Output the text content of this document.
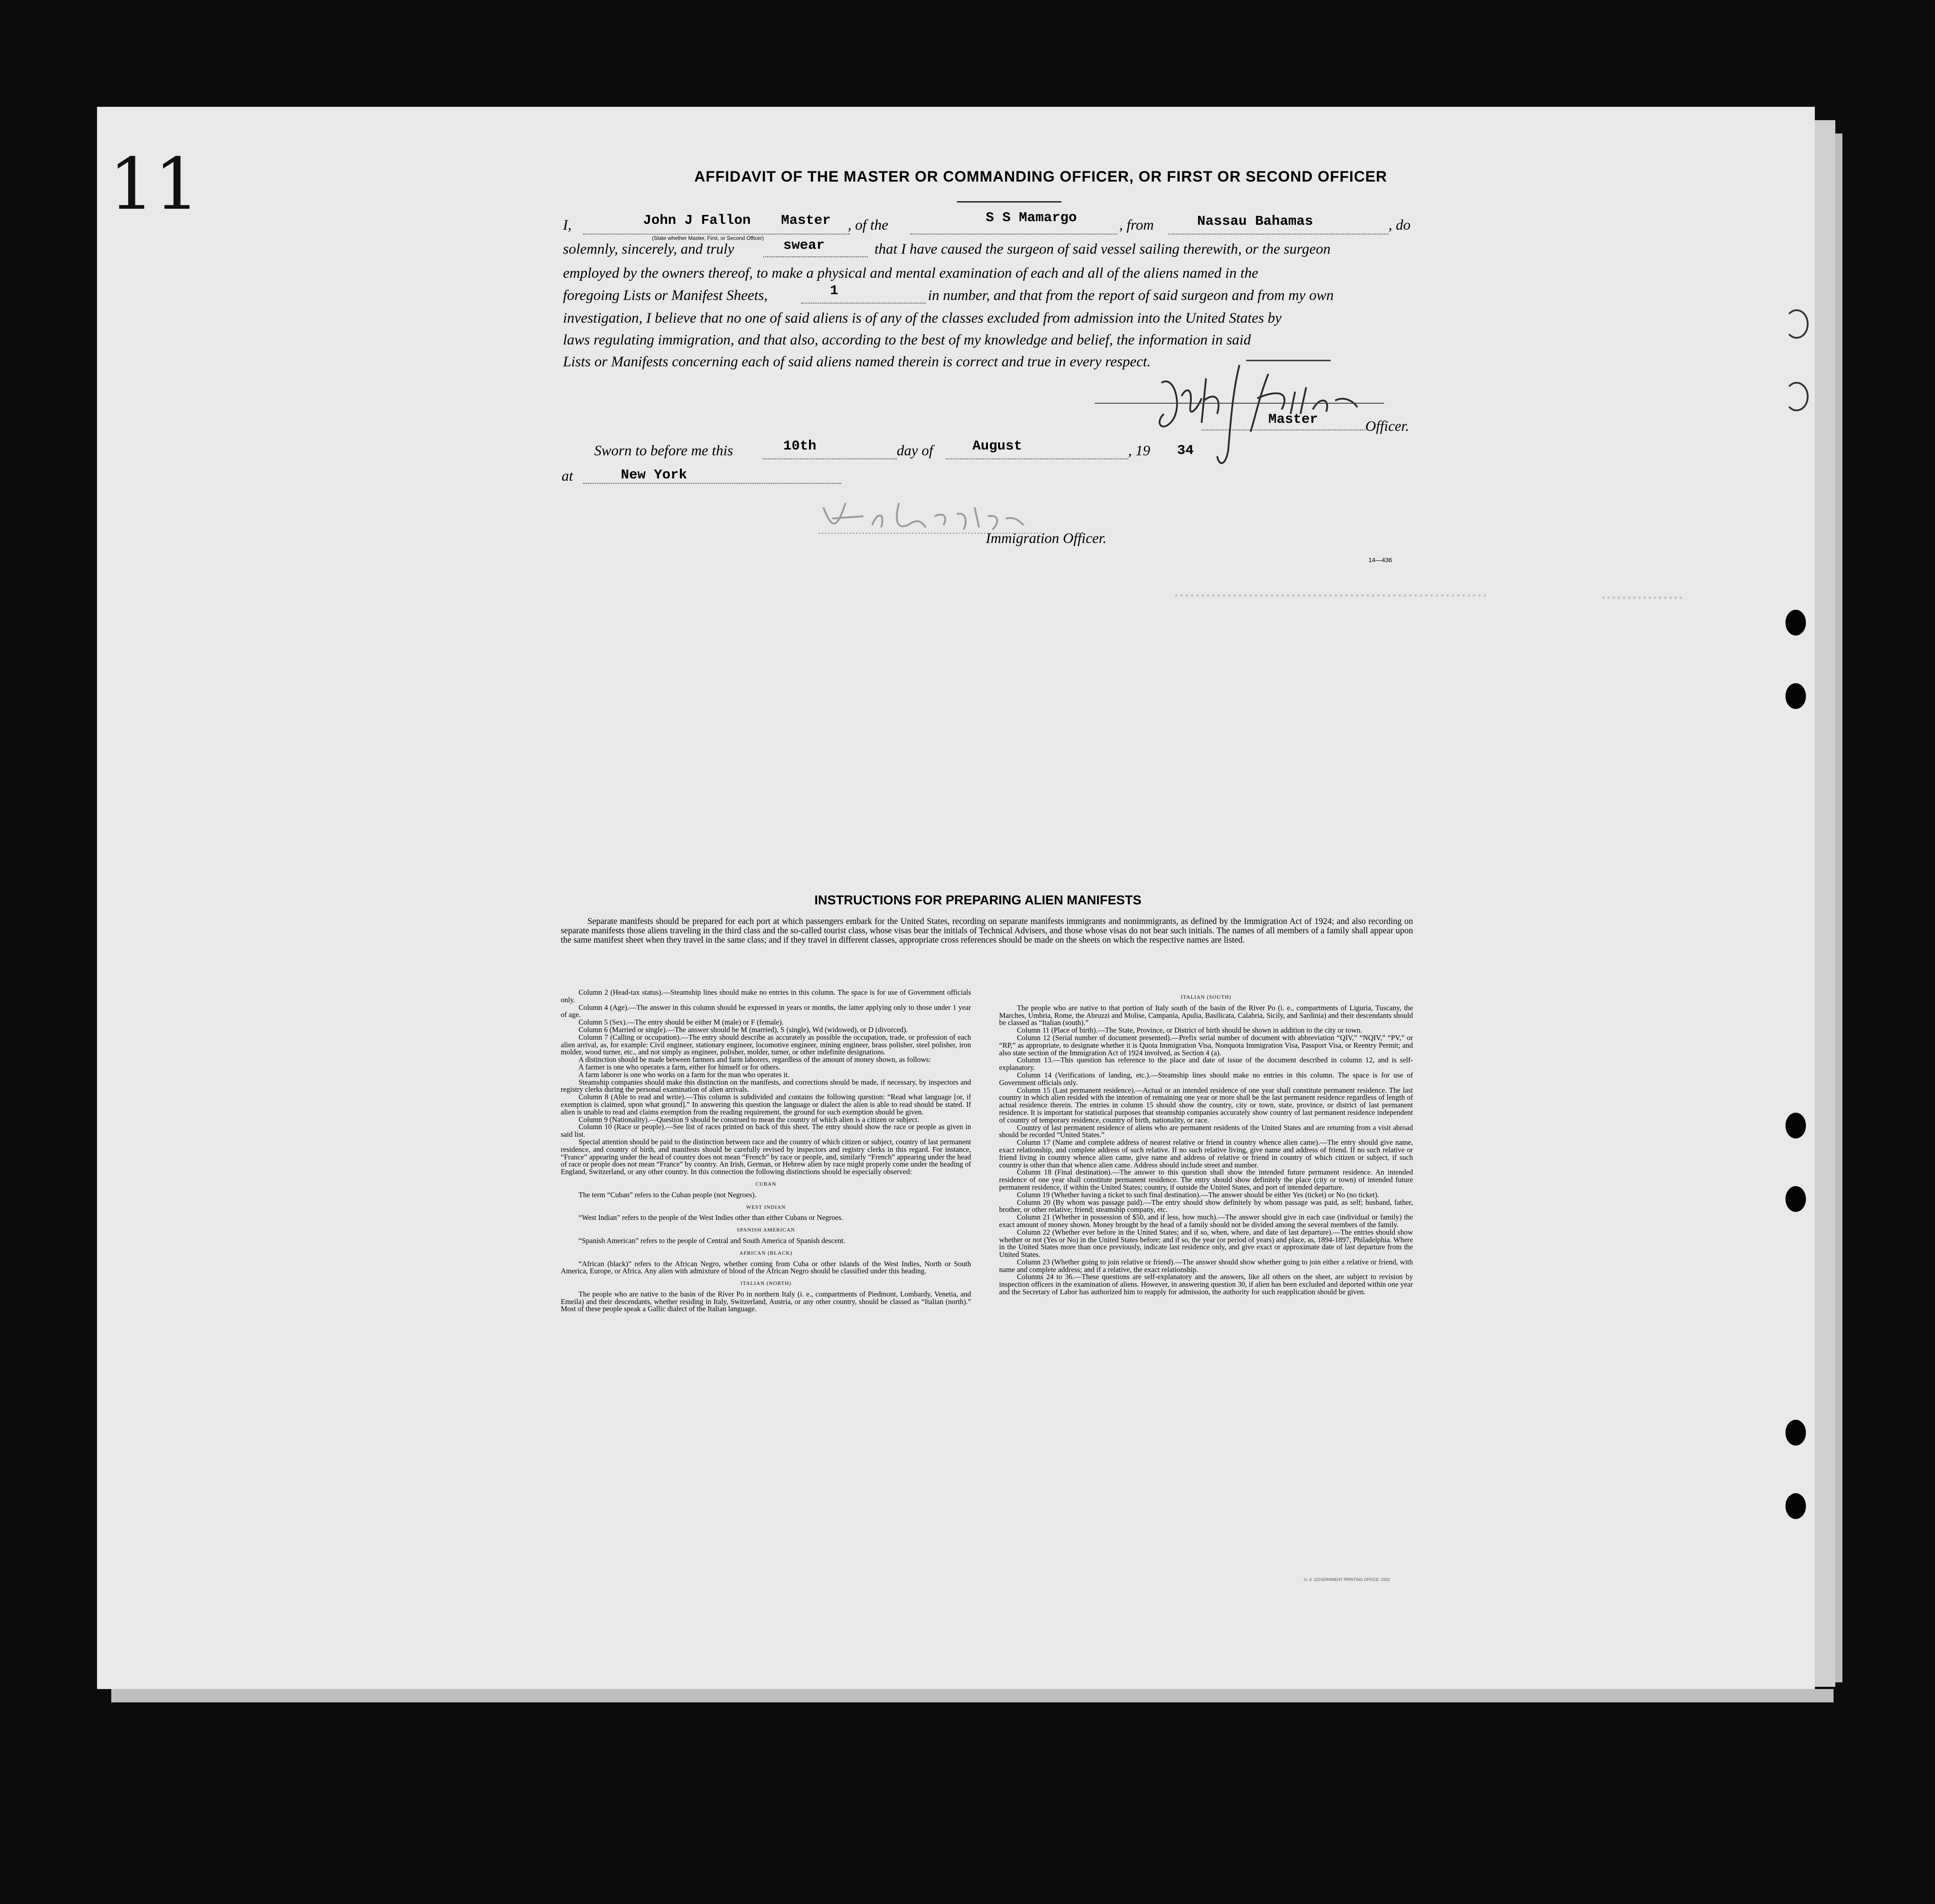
11	AFFIDAVIT OF THE MASTER OR COMMANDING OFFICER, OR FIRST OR SECOND OFFICER
I,	John J Fallon Master
(State whether Master, First, or Second Officer)
, of the	S S Mamargo	, from	Nassau Bahamas	, do
solemnly, sincerely, and truly	swear	that I have caused the surgeon of said vessel sailing therewith, or the surgeon
employed by the owners thereof, to make a physical and mental examination of each and all of the aliens named in the
foregoing Lists or Manifest Sheets,	1	in number, and that from the report of said surgeon and from my own
investigation, I believe that no one of said aliens is of any of the classes excluded from admission into the United States by
laws regulating immigration, and that also, according to the best of my knowledge and belief, the information in said
Lists or Manifests concerning each of said aliens named therein is correct and true in every respect.
Master	Officer.
Sworn to before me this	10th	day of	August	, 19 34
at	New York
Immigration Officer.
14—436
INSTRUCTIONS FOR PREPARING ALIEN MANIFESTS

Separate manifests should be prepared for each port at which passengers embark for the United States, recording on separate manifests immigrants and nonimmigrants, as defined by the Immigration Act of 1924; and also recording on separate manifests those aliens traveling in the third class and the so-called tourist class, whose visas bear the initials of Technical Advisers, and those whose visas do not bear such initials. The names of all members of a family shall appear upon the same manifest sheet when they travel in the same class; and if they travel in different classes, appropriate cross references should be made on the sheets on which the respective names are listed.

Column 2 (Head-tax status).—Steamship lines should make no entries in this column. The space is for use of Government officials only.

Column 4 (Age).—The answer in this column should be expressed in years or months, the latter applying only to those under 1 year of age.

Column 5 (Sex).—The entry should be either M (male) or F (female).

Column 6 (Married or single).—The answer should be M (married), S (single), Wd (widowed), or D (divorced).

Column 7 (Calling or occupation).—The entry should describe as accurately as possible the occupation, trade, or profession of each alien arrival, as, for example: Civil engineer, stationary engineer, locomotive engineer, mining engineer, brass polisher, steel polisher, iron molder, wood turner, etc., and not simply as engineer, polisher, molder, turner, or other indefinite designations.

A distinction should be made between farmers and farm laborers, regardless of the amount of money shown, as follows:

A farmer is one who operates a farm, either for himself or for others.

A farm laborer is one who works on a farm for the man who operates it.

Steamship companies should make this distinction on the manifests, and corrections should be made, if necessary, by inspectors and registry clerks during the personal examination of alien arrivals.

Column 8 (Able to read and write).—This column is subdivided and contains the following question: “Read what language [or, if exemption is claimed, upon what ground].” In answering this question the language or dialect the alien is able to read should be stated. If alien is unable to read and claims exemption from the reading requirement, the ground for such exemption should be given.

Column 9 (Nationality).—Question 9 should be construed to mean the country of which alien is a citizen or subject.

Column 10 (Race or people).—See list of races printed on back of this sheet. The entry should show the race or people as given in said list.

Special attention should be paid to the distinction between race and the country of which citizen or subject, country of last permanent residence, and country of birth, and manifests should be carefully revised by inspectors and registry clerks in this regard. For instance, “France” appearing under the head of country does not mean “French” by race or people, and, similarly “French” appearing under the head of race or people does not mean “France” by country. An Irish, German, or Hebrew alien by race might properly come under the heading of England, Switzerland, or any other country. In this connection the following distinctions should be especially observed:

CUBAN

The term “Cuban” refers to the Cuban people (not Negroes).

WEST INDIAN

“West Indian” refers to the people of the West Indies other than either Cubans or Negroes.

SPANISH AMERICAN

“Spanish American” refers to the people of Central and South America of Spanish descent.

AFRICAN (BLACK)

“African (black)” refers to the African Negro, whether coming from Cuba or other islands of the West Indies, North or South America, Europe, or Africa. Any alien with admixture of blood of the African Negro should be classified under this heading.

ITALIAN (NORTH)

The people who are native to the basin of the River Po in northern Italy (i. e., compartments of Piedmont, Lombardy, Venetia, and Emeila) and their descendants, whether residing in Italy, Switzerland, Austria, or any other country, should be classed as “Italian (north).” Most of these people speak a Gallic dialect of the Italian language.

ITALIAN (SOUTH)

The people who are native to that portion of Italy south of the basin of the River Po (i. e., compartments of Liguria, Tuscany, the Marches, Umbria, Rome, the Abruzzi and Molise, Campania, Apulia, Basilicata, Calabria, Sicily, and Sardinia) and their descendants should be classed as “Italian (south).”

Column 11 (Place of birth).—The State, Province, or District of birth should be shown in addition to the city or town.

Column 12 (Serial number of document presented).—Prefix serial number of document with abbreviation “QIV,” “NQIV,” “PV,” or “RP,” as appropriate, to designate whether it is Quota Immigration Visa, Nonquota Immigration Visa, Passport Visa, or Reentry Permit; and also state section of the Immigration Act of 1924 involved, as Section 4 (a).

Column 13.—This question has reference to the place and date of issue of the document described in column 12, and is self-explanatory.

Column 14 (Verifications of landing, etc.).—Steamship lines should make no entries in this column. The space is for use of Government officials only.

Column 15 (Last permanent residence).—Actual or an intended residence of one year shall constitute permanent residence. The last country in which alien resided with the intention of remaining one year or more shall be the last permanent residence regardless of length of actual residence therein. The entries in column 15 should show the country, city or town, state, province, or district of last permanent residence. It is important for statistical purposes that steamship companies accurately show country of last permanent residence independent of country of temporary residence, country of birth, nationality, or race.

Country of last permanent residence of aliens who are permanent residents of the United States and are returning from a visit abroad should be recorded “United States.”

Column 17 (Name and complete address of nearest relative or friend in country whence alien came).—The entry should give name, exact relationship, and complete address of such relative. If no such relative living, give name and address of friend. If no such relative or friend living in country whence alien came, give name and address of relative or friend in country of which citizen or subject, if such country is other than that whence alien came. Address should include street and number.

Column 18 (Final destination).—The answer to this question shall show the intended future permanent residence. An intended residence of one year shall constitute permanent residence. The entry should show definitely the place (city or town) of intended future permanent residence, if within the United States; country, if outside the United States, and port of intended departure.

Column 19 (Whether having a ticket to such final destination).—The answer should be either Yes (ticket) or No (no ticket).

Column 20 (By whom was passage paid).—The entry should show definitely by whom passage was paid, as self; husband, father, brother, or other relative; friend; steamship company, etc.

Column 21 (Whether in possession of $50, and if less, how much).—The answer should give in each case (individual or family) the exact amount of money shown. Money brought by the head of a family should not be divided among the several members of the family.

Column 22 (Whether ever before in the United States; and if so, when, where, and date of last departure).—The entries should show whether or not (Yes or No) in the United States before; and if so, the year (or period of years) and place, as, 1894-1897, Philadelphia. Where in the United States more than once previously, indicate last residence only, and give exact or approximate date of last departure from the United States.

Column 23 (Whether going to join relative or friend).—The answer should show whether going to join either a relative or friend, with name and complete address; and if a relative, the exact relationship.

Columns 24 to 36.—These questions are self-explanatory and the answers, like all others on the sheet, are subject to revision by inspection officers in the examination of aliens. However, in answering question 30, if alien has been excluded and deported within one year and the Secretary of Labor has authorized him to reapply for admission, the authority for such reapplication should be given.

U. S. GOVERNMENT PRINTING OFFICE: 1932
